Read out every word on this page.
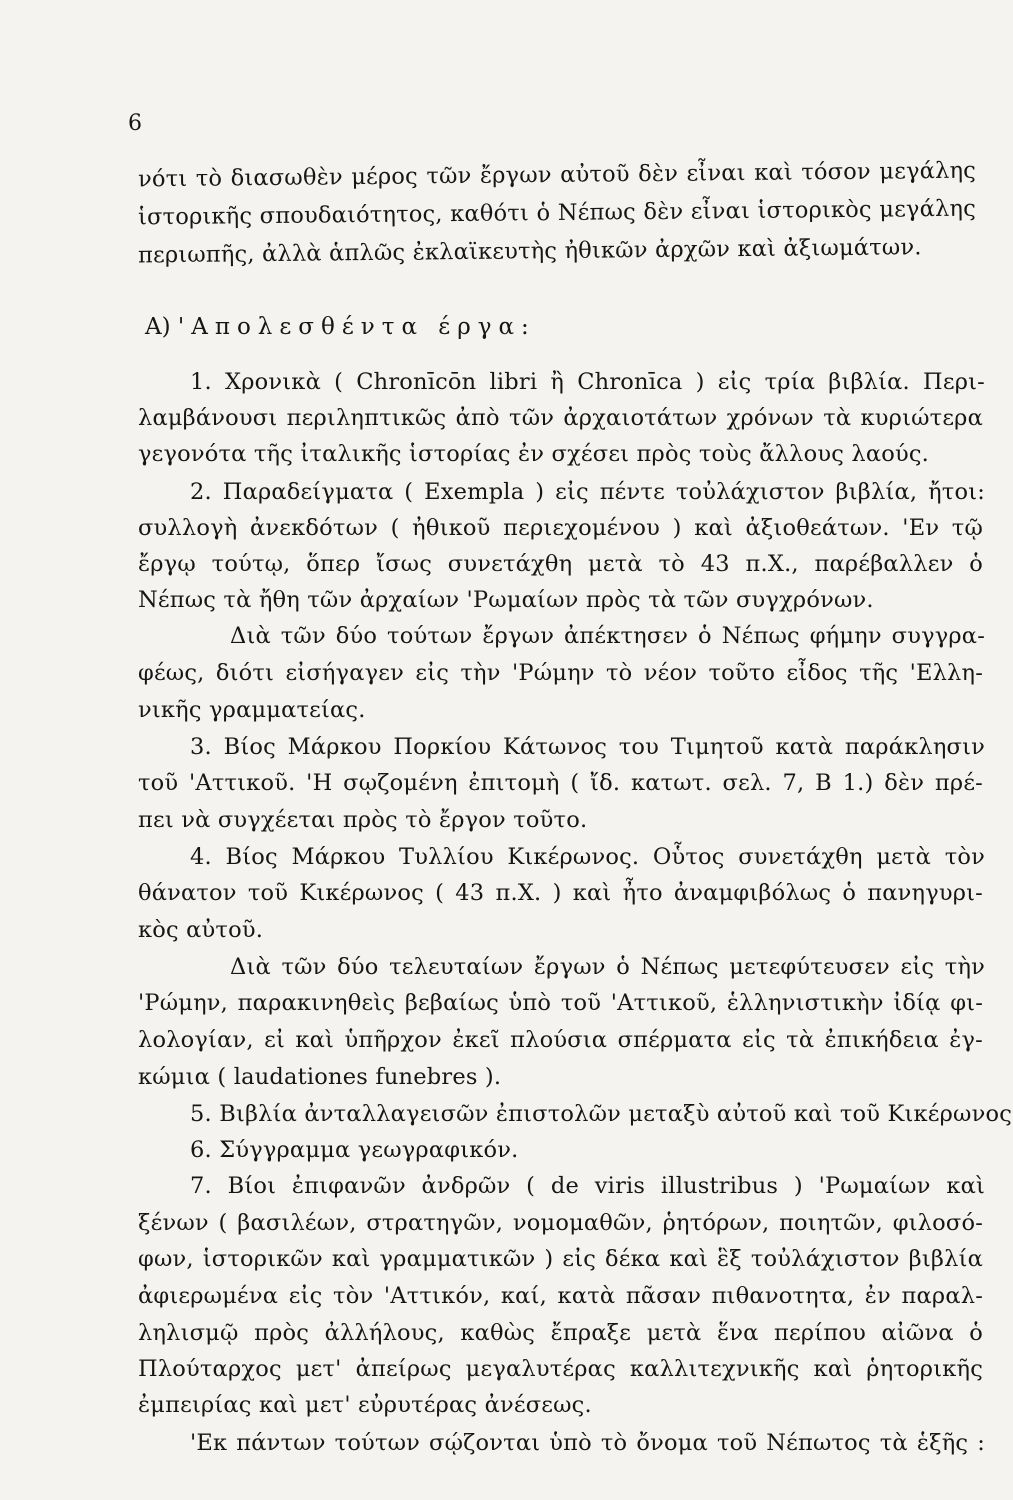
6
νότι τὸ διασωθὲν μέρος τῶν ἔργων αὐτοῦ δὲν εἶναι καὶ τόσον μεγάλης
ἱστορικῆς σπουδαιότητος, καθότι ὁ Νέπως δὲν εἶναι ἱστορικὸς μεγάλης
περιωπῆς, ἀλλὰ ἁπλῶς ἐκλαϊκευτὴς ἠθικῶν ἀρχῶν καὶ ἀξιωμάτων.
Α) 'Απολεσθέντα έργα:
1. Χρονικὰ ( Chronīcōn libri ἢ Chronīca ) εἰς τρία βιβλία. Περι-
λαμβάνουσι περιληπτικῶς ἀπὸ τῶν ἀρχαιοτάτων χρόνων τὰ κυριώτερα
γεγονότα τῆς ἰταλικῆς ἱστορίας ἐν σχέσει πρὸς τοὺς ἄλλους λαούς.
2. Παραδείγματα ( Exempla ) εἰς πέντε τοὐλάχιστον βιβλία, ἤτοι:
συλλογὴ ἀνεκδότων ( ἠθικοῦ περιεχομένου ) καὶ ἀξιοθεάτων. 'Εν τῷ
ἔργῳ τούτῳ, ὅπερ ἴσως συνετάχθη μετὰ τὸ 43 π.Χ., παρέβαλλεν ὁ
Νέπως τὰ ἤθη τῶν ἀρχαίων 'Ρωμαίων πρὸς τὰ τῶν συγχρόνων.
Διὰ τῶν δύο τούτων ἔργων ἀπέκτησεν ὁ Νέπως φήμην συγγρα-
φέως, διότι εἰσήγαγεν εἰς τὴν 'Ρώμην τὸ νέον τοῦτο εἶδος τῆς 'Ελλη-
νικῆς γραμματείας.
3. Βίος Μάρκου Πορκίου Κάτωνος του Τιμητοῦ κατὰ παράκλησιν
τοῦ 'Αττικοῦ. 'Η σῳζομένη ἐπιτομὴ ( ἴδ. κατωτ. σελ. 7, Β 1.) δὲν πρέ-
πει νὰ συγχέεται πρὸς τὸ ἔργον τοῦτο.
4. Βίος Μάρκου Τυλλίου Κικέρωνος. Οὗτος συνετάχθη μετὰ τὸν
θάνατον τοῦ Κικέρωνος ( 43 π.Χ. ) καὶ ἦτο ἀναμφιβόλως ὁ πανηγυρι-
κὸς αὐτοῦ.
Διὰ τῶν δύο τελευταίων ἔργων ὁ Νέπως μετεφύτευσεν εἰς τὴν
'Ρώμην, παρακινηθεὶς βεβαίως ὑπὸ τοῦ 'Αττικοῦ, ἑλληνιστικὴν ἰδίᾳ φι-
λολογίαν, εἰ καὶ ὑπῆρχον ἐκεῖ πλούσια σπέρματα εἰς τὰ ἐπικήδεια ἐγ-
κώμια ( laudationes funebres ).
5. Βιβλία ἀνταλλαγεισῶν ἐπιστολῶν μεταξὺ αὐτοῦ καὶ τοῦ Κικέρωνος
6. Σύγγραμμα γεωγραφικόν.
7. Βίοι ἐπιφανῶν ἀνδρῶν ( de viris illustribus ) 'Ρωμαίων καὶ
ξένων ( βασιλέων, στρατηγῶν, νομομαθῶν, ῥητόρων, ποιητῶν, φιλοσό-
φων, ἱστορικῶν καὶ γραμματικῶν ) εἰς δέκα καὶ ἓξ τοὐλάχιστον βιβλία
ἀφιερωμένα εἰς τὸν 'Αττικόν, καί, κατὰ πᾶσαν πιθανοτητα, ἐν παραλ-
ληλισμῷ πρὸς ἀλλήλους, καθὼς ἔπραξε μετὰ ἕνα περίπου αἰῶνα ὁ
Πλούταρχος μετ' ἀπείρως μεγαλυτέρας καλλιτεχνικῆς καὶ ῥητορικῆς
ἐμπειρίας καὶ μετ' εὐρυτέρας ἀνέσεως.
'Εκ πάντων τούτων σῴζονται ὑπὸ τὸ ὄνομα τοῦ Νέπωτος τὰ ἑξῆς :
